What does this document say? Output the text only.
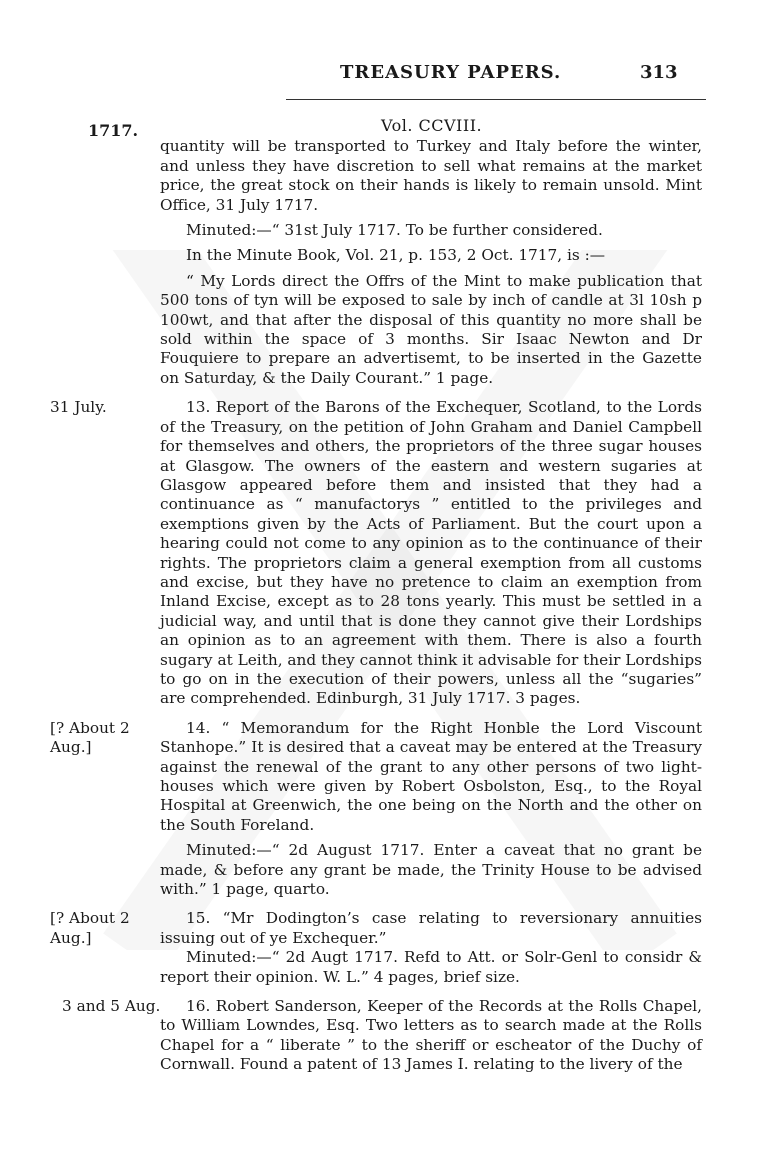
TREASURY PAPERS.	313
1717.	Vol. CCVIII.

quantity will be transported to Turkey and Italy before the winter, and unless they have discretion to sell what remains at the market price, the great stock on their hands is likely to remain unsold. Mint Office, 31 July 1717.

Minuted:—“ 31st July 1717. To be further considered.

In the Minute Book, Vol. 21, p. 153, 2 Oct. 1717, is :—

“ My Lords direct the Offrs of the Mint to make publication that 500 tons of tyn will be exposed to sale by inch of candle at 3l 10sh p 100wt, and that after the disposal of this quantity no more shall be sold within the space of 3 months. Sir Isaac Newton and Dr Fouquiere to prepare an advertisemt, to be inserted in the Gazette on Saturday, & the Daily Courant.” 1 page.

31 July.	13. Report of the Barons of the Exchequer, Scotland, to the Lords of the Treasury, on the petition of John Graham and Daniel Campbell for themselves and others, the proprietors of the three sugar houses at Glasgow. The owners of the eastern and western sugaries at Glasgow appeared before them and insisted that they had a continuance as “ manufactorys ” entitled to the privileges and exemptions given by the Acts of Parliament. But the court upon a hearing could not come to any opinion as to the continuance of their rights. The proprietors claim a general exemption from all customs and excise, but they have no pretence to claim an exemption from Inland Excise, except as to 28 tons yearly. This must be settled in a judicial way, and until that is done they cannot give their Lordships an opinion as to an agreement with them. There is also a fourth sugary at Leith, and they cannot think it advisable for their Lordships to go on in the execution of their powers, unless all the “sugaries” are comprehended. Edinburgh, 31 July 1717. 3 pages.

[? About 2 Aug.]

14. “ Memorandum for the Right Honble the Lord Viscount Stanhope.” It is desired that a caveat may be entered at the Treasury against the renewal of the grant to any other persons of two light-houses which were given by Robert Osbolston, Esq., to the Royal Hospital at Greenwich, the one being on the North and the other on the South Foreland.

Minuted:—“ 2d August 1717. Enter a caveat that no grant be made, & before any grant be made, the Trinity House to be advised with.” 1 page, quarto.

[? About 2 Aug.]

15. “Mr Dodington’s case relating to reversionary annuities issuing out of ye Exchequer.”

Minuted:—“ 2d Augt 1717. Refd to Att. or Solr-Genl to considr & report their opinion. W. L.” 4 pages, brief size.

3 and 5 Aug.	16. Robert Sanderson, Keeper of the Records at the Rolls Chapel, to William Lowndes, Esq. Two letters as to search made at the Rolls Chapel for a “ liberate ” to the sheriff or escheator of the Duchy of Cornwall. Found a patent of 13 James I. relating to the livery of the
